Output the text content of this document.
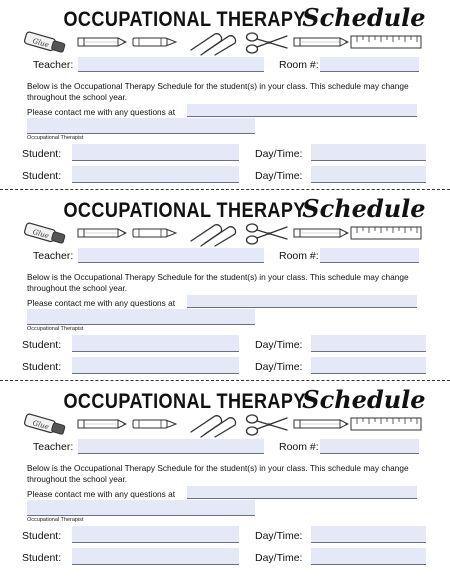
OCCUPATIONAL THERAPYSchedule
Glue
Teacher:	Room #:
Below is the Occupational Therapy Schedule for the student(s) in your class. This schedule may change throughout the school year.
Please contact me with any questions at
Occupational Therapist
Student:	Day/Time:
Student:	Day/Time:
OCCUPATIONAL THERAPYSchedule
Glue
Teacher:	Room #:
Below is the Occupational Therapy Schedule for the student(s) in your class. This schedule may change throughout the school year.
Please contact me with any questions at
Occupational Therapist
Student:	Day/Time:
Student:	Day/Time:
OCCUPATIONAL THERAPYSchedule
Glue
Teacher:	Room #:
Below is the Occupational Therapy Schedule for the student(s) in your class. This schedule may change throughout the school year.
Please contact me with any questions at
Occupational Therapist
Student:	Day/Time:
Student:	Day/Time:
